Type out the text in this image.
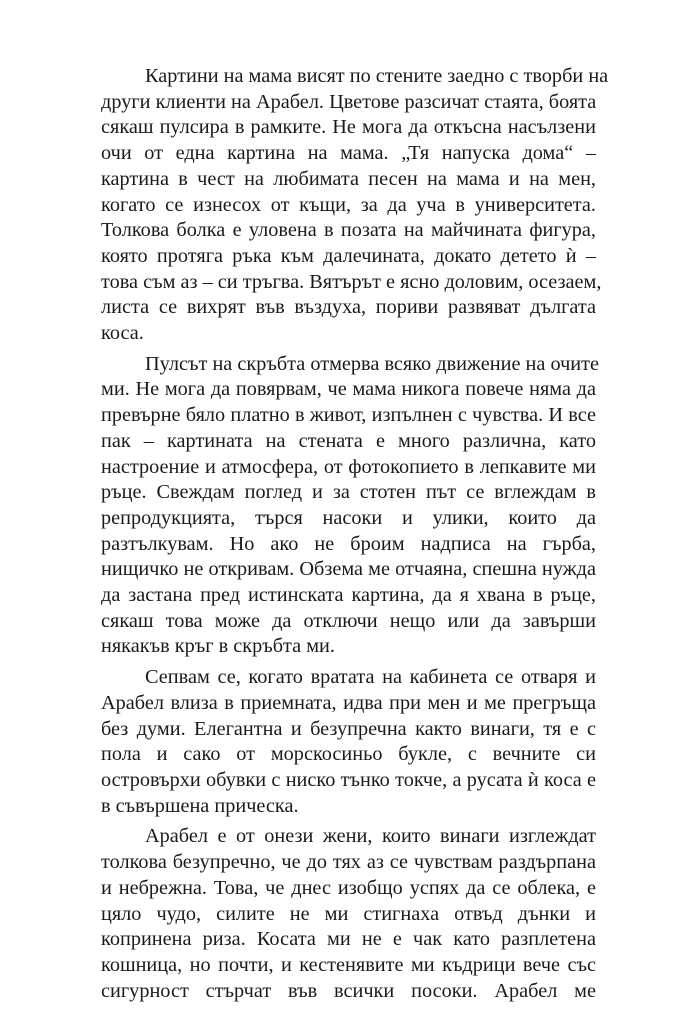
Картини на мама висят по стените заедно с творби на
други клиенти на Арабел. Цветове разсичат стаята, боята
сякаш пулсира в рамките. Не мога да откъсна насълзени
очи от една картина на мама. „Тя напуска дома“ –
картина в чест на любимата песен на мама и на мен,
когато се изнесох от къщи, за да уча в университета.
Толкова болка е уловена в позата на майчината фигура,
която протяга ръка към далечината, докато детето ѝ –
това съм аз – си тръгва. Вятърът е ясно доловим, осезаем,
листа се вихрят във въздуха, пориви развяват дългата
коса.

Пулсът на скръбта отмерва всяко движение на очите
ми. Не мога да повярвам, че мама никога повече няма да
превърне бяло платно в живот, изпълнен с чувства. И все
пак – картината на стената е много различна, като
настроение и атмосфера, от фотокопието в лепкавите ми
ръце. Свеждам поглед и за стотен път се вглеждам в
репродукцията, търся насоки и улики, които да
разтълкувам. Но ако не броим надписа на гърба,
нищичко не откривам. Обзема ме отчаяна, спешна нужда
да застана пред истинската картина, да я хвана в ръце,
сякаш това може да отключи нещо или да завърши
някакъв кръг в скръбта ми.

Сепвам се, когато вратата на кабинета се отваря и
Арабел влиза в приемната, идва при мен и ме прегръща
без думи. Елегантна и безупречна както винаги, тя е с
пола и сако от морскосиньо букле, с вечните си
островърхи обувки с ниско тънко токче, а русата ѝ коса е
в съвършена прическа.

Арабел е от онези жени, които винаги изглеждат
толкова безупречно, че до тях аз се чувствам раздърпана
и небрежна. Това, че днес изобщо успях да се облека, е
цяло чудо, силите не ми стигнаха отвъд дънки и
копринена риза. Косата ми не е чак като разплетена
кошница, но почти, и кестенявите ми къдрици вече със
сигурност стърчат във всички посоки. Арабел ме
